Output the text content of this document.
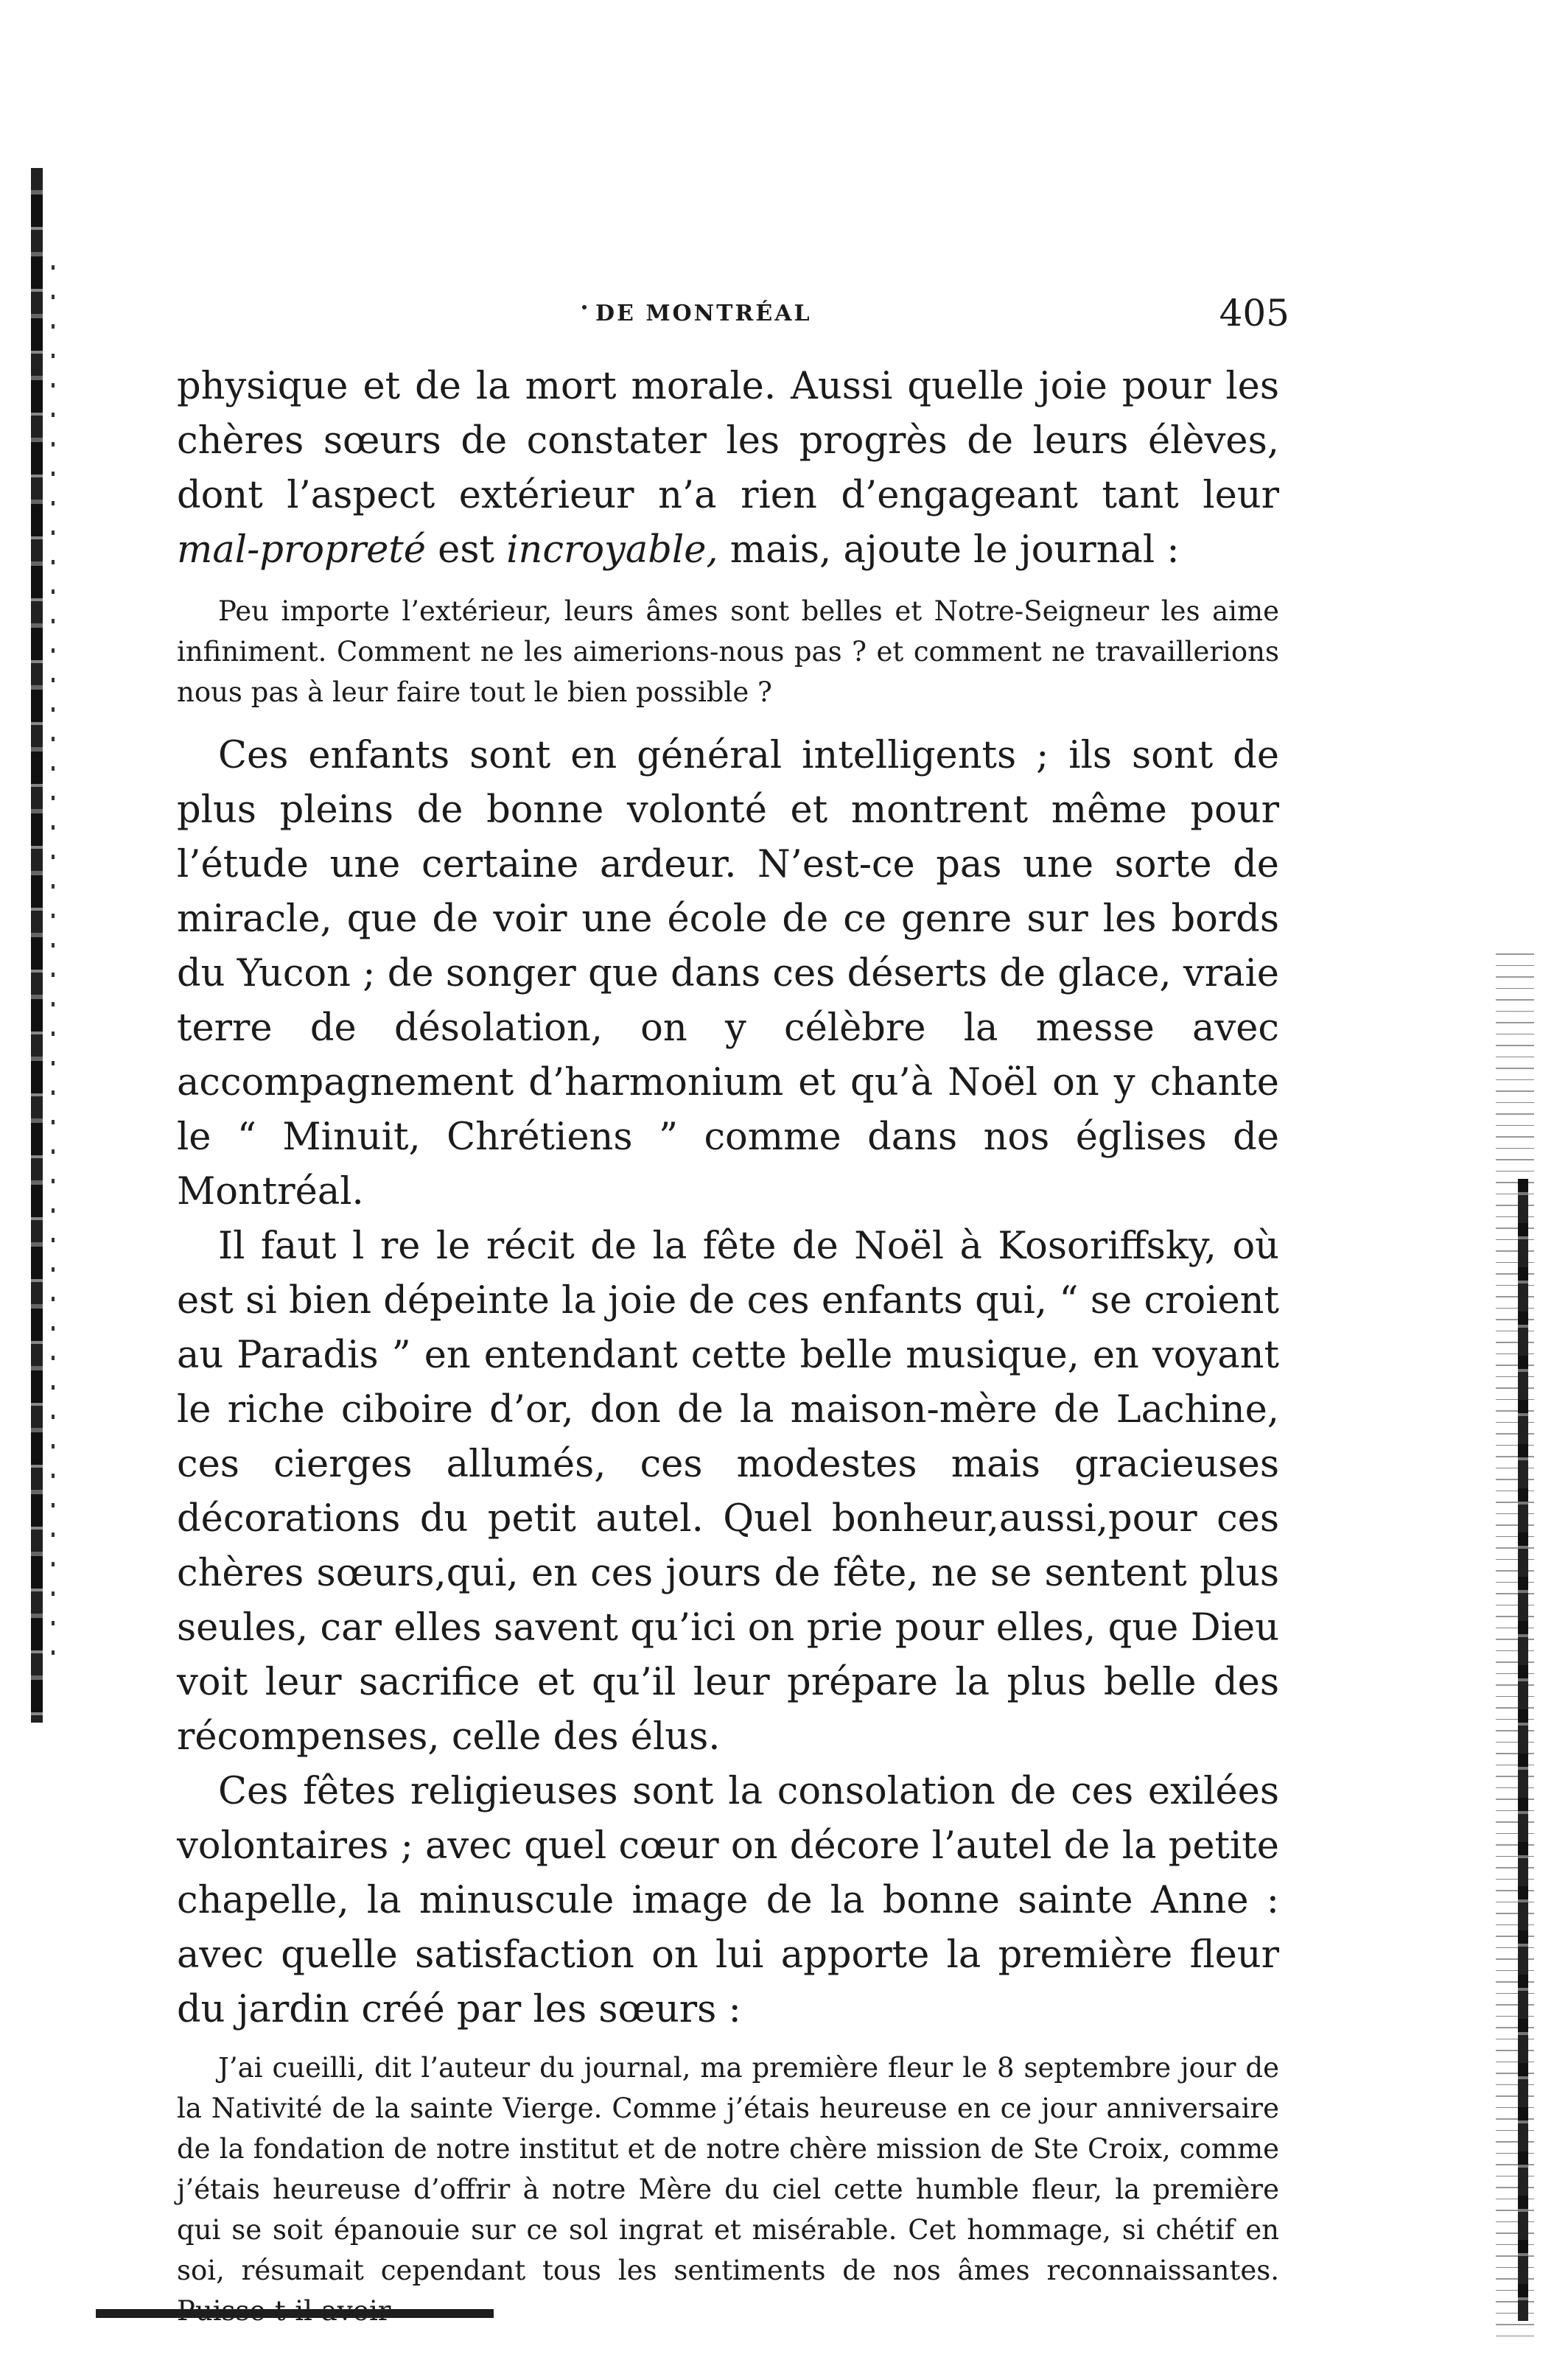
DE MONTRÉAL	405

physique et de la mort morale. Aussi quelle joie pour les chères sœurs de constater les progrès de leurs élèves, dont l’aspect extérieur n’a rien d’engageant tant leur mal-propreté est incroyable, mais, ajoute le journal :

Peu importe l’extérieur, leurs âmes sont belles et Notre-Seigneur les aime infiniment. Comment ne les aimerions-nous pas ? et comment ne travaillerions nous pas à leur faire tout le bien possible ?

Ces enfants sont en général intelligents ; ils sont de plus pleins de bonne volonté et montrent même pour l’étude une certaine ardeur. N’est-ce pas une sorte de miracle, que de voir une école de ce genre sur les bords du Yucon ; de songer que dans ces déserts de glace, vraie terre de désolation, on y célèbre la messe avec accompagnement d’harmonium et qu’à Noël on y chante le “ Minuit, Chrétiens ” comme dans nos églises de Montréal.

Il faut l re le récit de la fête de Noël à Kosoriffsky, où est si bien dépeinte la joie de ces enfants qui, “ se croient au Paradis ” en entendant cette belle musique, en voyant le riche ciboire d’or, don de la maison-mère de Lachine, ces cierges allumés, ces modestes mais gracieuses décorations du petit autel. Quel bonheur,aussi,pour ces chères sœurs,qui, en ces jours de fête, ne se sentent plus seules, car elles savent qu’ici on prie pour elles, que Dieu voit leur sacrifice et qu’il leur prépare la plus belle des récompenses, celle des élus.

Ces fêtes religieuses sont la consolation de ces exilées volontaires ; avec quel cœur on décore l’autel de la petite chapelle, la minuscule image de la bonne sainte Anne : avec quelle satisfaction on lui apporte la première fleur du jardin créé par les sœurs :

J’ai cueilli, dit l’auteur du journal, ma première fleur le 8 septembre jour de la Nativité de la sainte Vierge. Comme j’étais heureuse en ce jour anniversaire de la fondation de notre institut et de notre chère mission de Ste Croix, comme j’étais heureuse d’offrir à notre Mère du ciel cette humble fleur, la première qui se soit épanouie sur ce sol ingrat et misérable. Cet hommage, si chétif en soi, résumait cependant tous les sentiments de nos âmes reconnaissantes.
